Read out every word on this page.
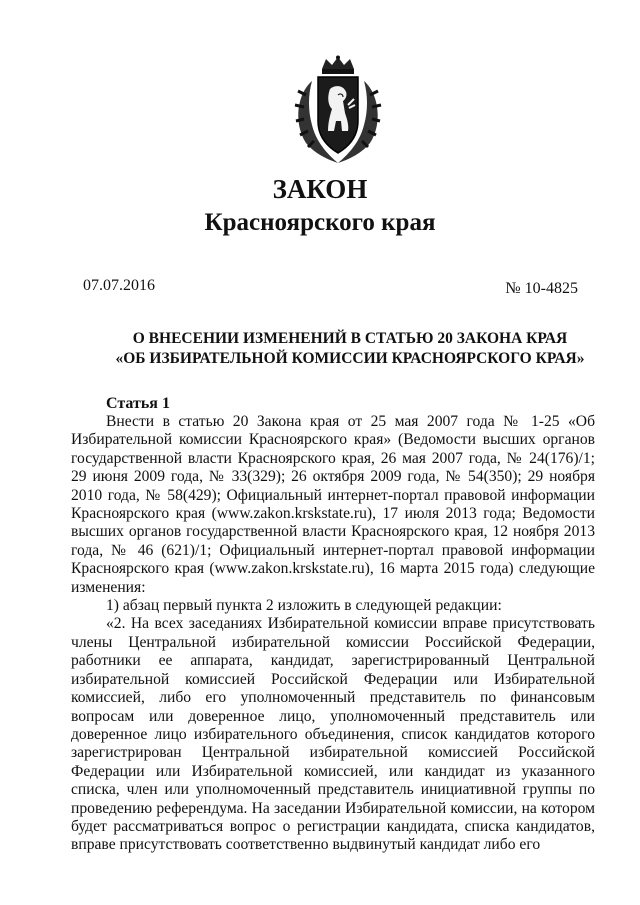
ЗАКОН
Красноярского края
07.07.2016	№ 10-4825
О ВНЕСЕНИИ ИЗМЕНЕНИЙ В СТАТЬЮ 20 ЗАКОНА КРАЯ
«ОБ ИЗБИРАТЕЛЬНОЙ КОМИССИИ КРАСНОЯРСКОГО КРАЯ»
Статья 1

Внести в статью 20 Закона края от 25 мая 2007 года № 1-25 «Об Избирательной комиссии Красноярского края» (Ведомости высших органов государственной власти Красноярского края, 26 мая 2007 года, № 24(176)/1; 29 июня 2009 года, № 33(329); 26 октября 2009 года, № 54(350); 29 ноября 2010 года, № 58(429); Официальный интернет-портал правовой информации Красноярского края (www.zakon.krskstate.ru), 17 июля 2013 года; Ведомости высших органов государственной власти Красноярского края, 12 ноября 2013 года, № 46 (621)/1; Официальный интернет-портал правовой информации Красноярского края (www.zakon.krskstate.ru), 16 марта 2015 года) следующие изменения:

1) абзац первый пункта 2 изложить в следующей редакции:

«2. На всех заседаниях Избирательной комиссии вправе присутствовать члены Центральной избирательной комиссии Российской Федерации, работники ее аппарата, кандидат, зарегистрированный Центральной избирательной комиссией Российской Федерации или Избирательной комиссией, либо его уполномоченный представитель по финансовым вопросам или доверенное лицо, уполномоченный представитель или доверенное лицо избирательного объединения, список кандидатов которого зарегистрирован Центральной избирательной комиссией Российской Федерации или Избирательной комиссией, или кандидат из указанного списка, член или уполномоченный представитель инициативной группы по проведению референдума. На заседании Избирательной комиссии, на котором будет рассматриваться вопрос о регистрации кандидата, списка кандидатов, вправе присутствовать соответственно выдвинутый кандидат либо его
